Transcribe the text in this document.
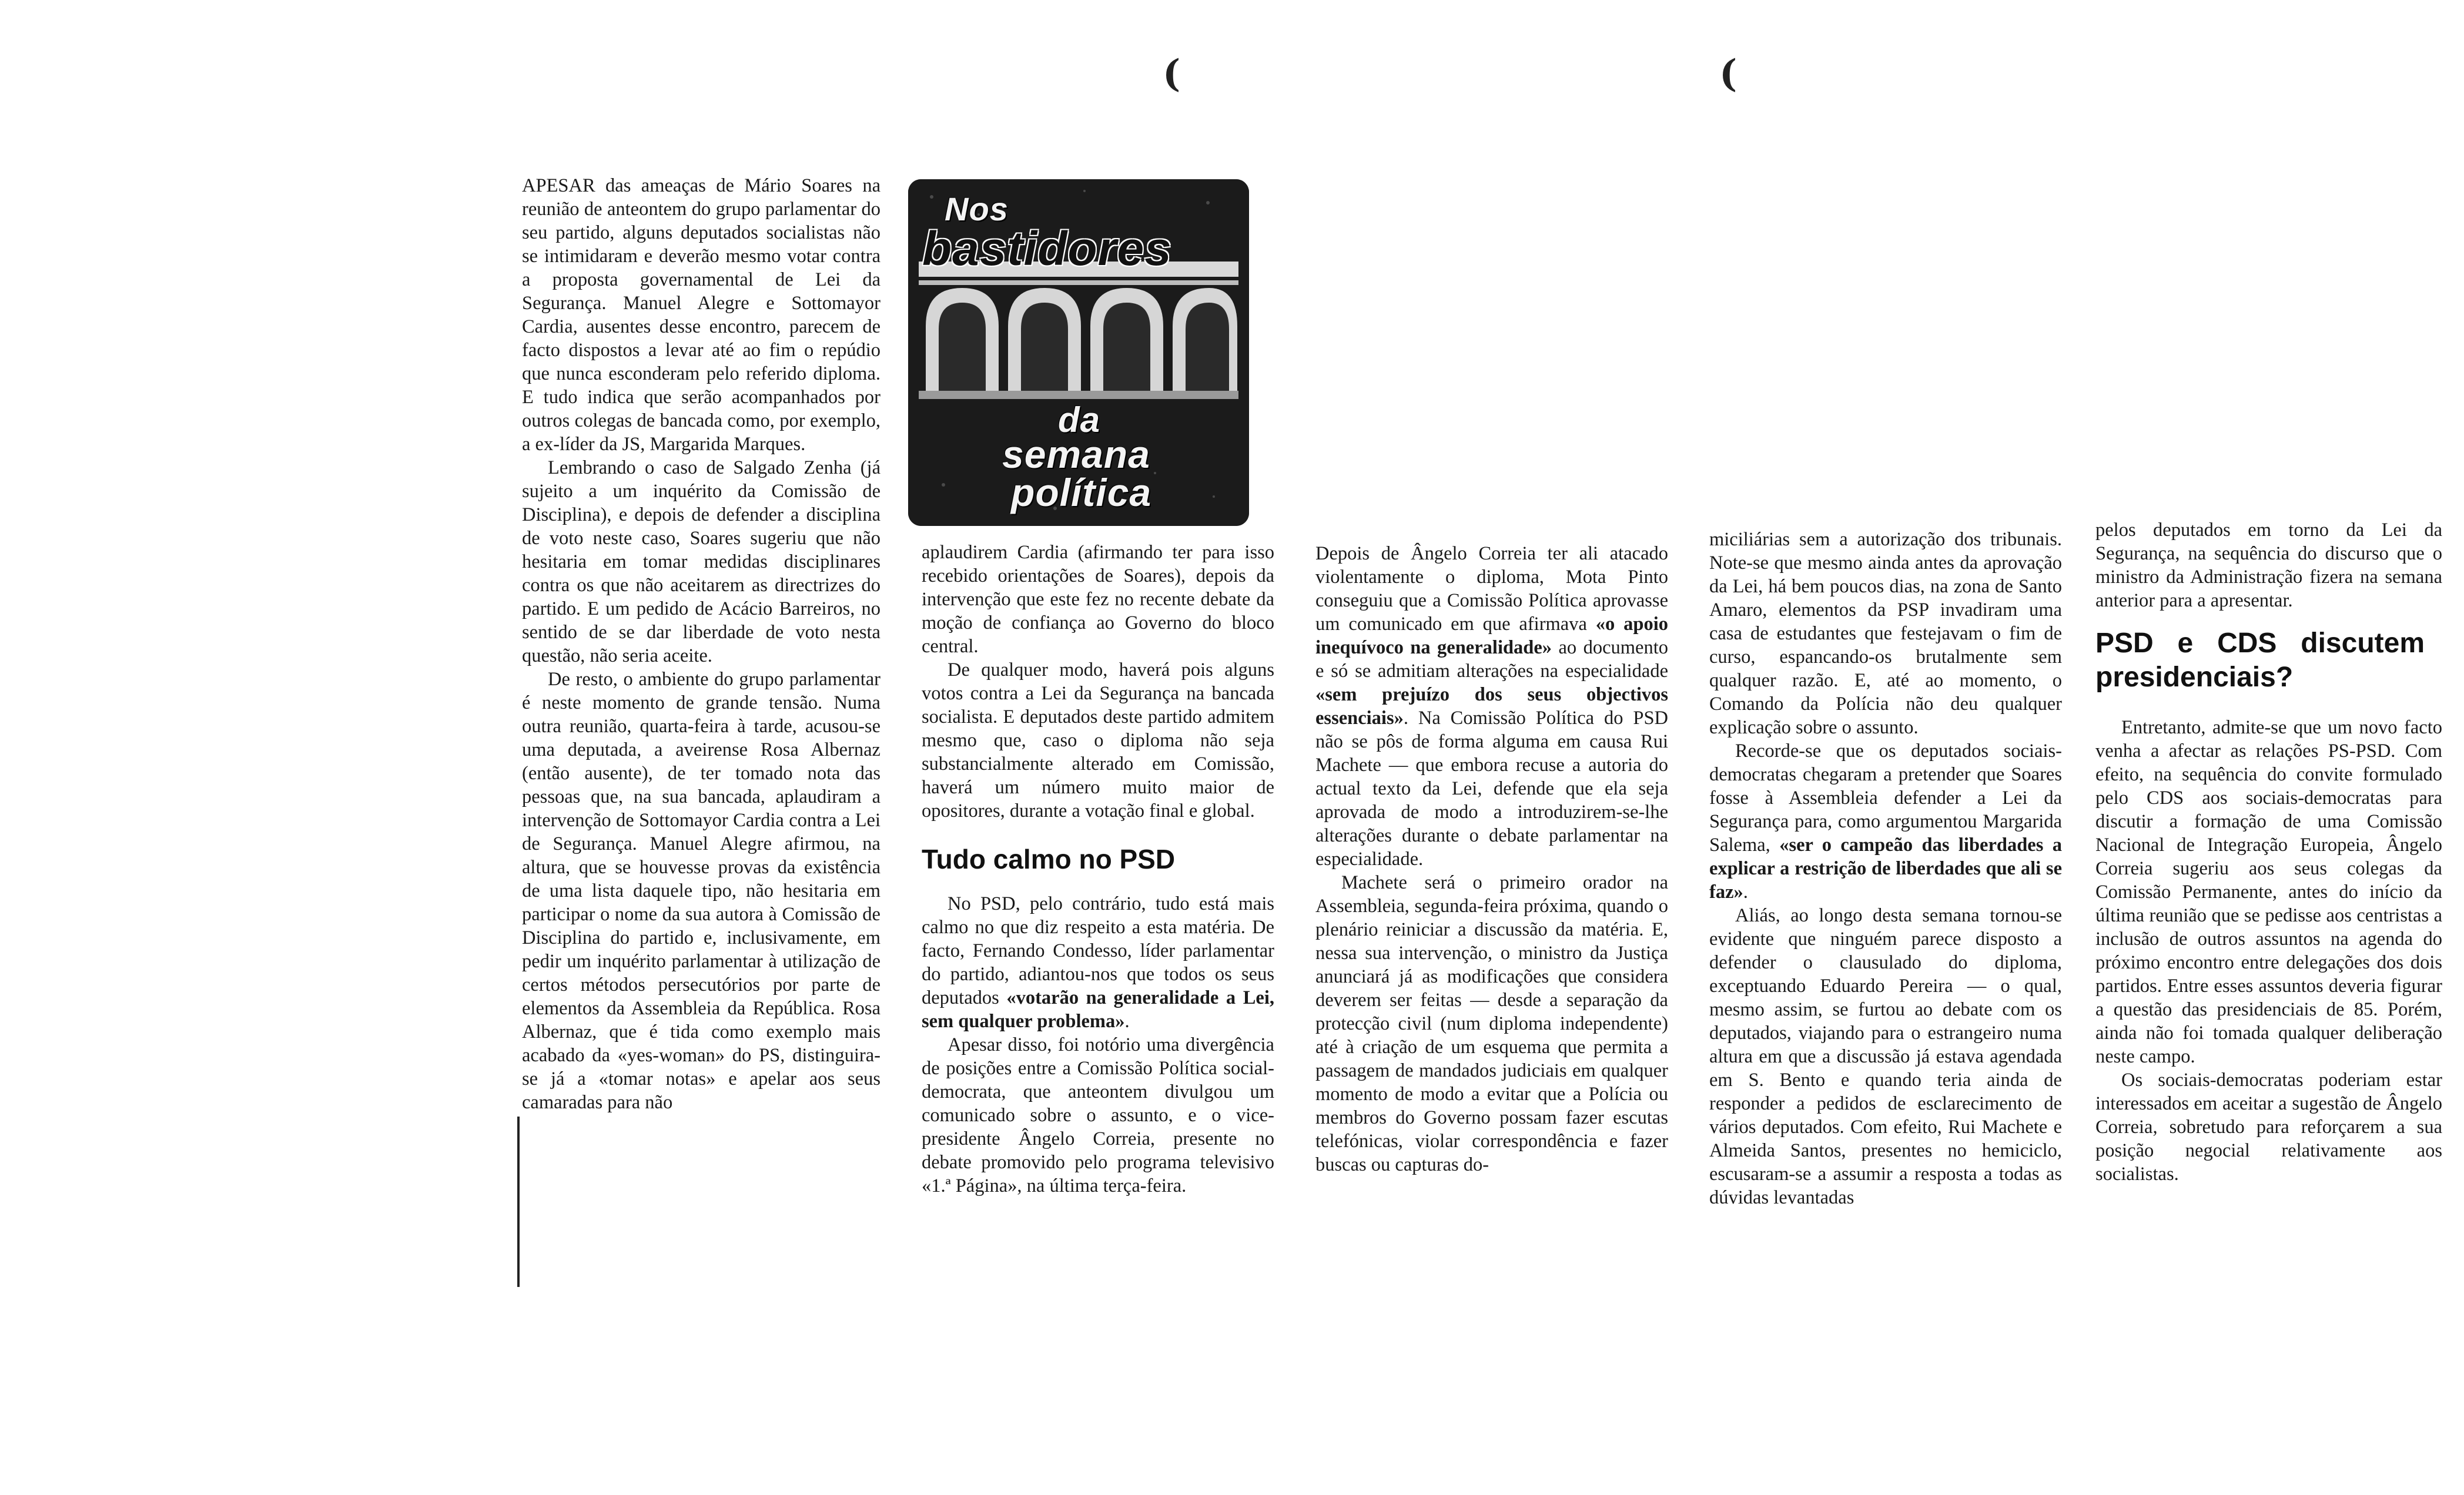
(	(
Nos
bastidores
da
semana
política

APESAR das ameaças de Mário Soares na reunião de anteontem do grupo parlamentar do seu partido, alguns deputados socialistas não se intimidaram e deverão mesmo votar contra a proposta governamental de Lei da Segurança. Manuel Alegre e Sottomayor Cardia, ausentes desse encontro, parecem de facto dispostos a levar até ao fim o repúdio que nunca esconderam pelo referido diploma. E tudo indica que serão acompanhados por outros colegas de bancada como, por exemplo, a ex-líder da JS, Margarida Marques.

Lembrando o caso de Salgado Zenha (já sujeito a um inquérito da Comissão de Disciplina), e depois de defender a disciplina de voto neste caso, Soares sugeriu que não hesitaria em tomar medidas disciplinares contra os que não aceitarem as directrizes do partido. E um pedido de Acácio Barreiros, no sentido de se dar liberdade de voto nesta questão, não seria aceite.

De resto, o ambiente do grupo parlamentar é neste momento de grande tensão. Numa outra reunião, quarta-feira à tarde, acusou-se uma deputada, a aveirense Rosa Albernaz (então ausente), de ter tomado nota das pessoas que, na sua bancada, aplaudiram a intervenção de Sottomayor Cardia contra a Lei de Segurança. Manuel Alegre afirmou, na altura, que se houvesse provas da existência de uma lista daquele tipo, não hesitaria em participar o nome da sua autora à Comissão de Disciplina do partido e, inclusivamente, em pedir um inquérito parlamentar à utilização de certos métodos persecutórios por parte de elementos da Assembleia da República. Rosa Albernaz, que é tida como exemplo mais acabado da «yes-woman» do PS, distinguira-se já a «tomar notas» e apelar aos seus camaradas para não

aplaudirem Cardia (afirmando ter para isso recebido orientações de Soares), depois da intervenção que este fez no recente debate da moção de confiança ao Governo do bloco central.

De qualquer modo, haverá pois alguns votos contra a Lei da Segurança na bancada socialista. E deputados deste partido admitem mesmo que, caso o diploma não seja substancialmente alterado em Comissão, haverá um número muito maior de opositores, durante a votação final e global.

Tudo calmo no PSD

No PSD, pelo contrário, tudo está mais calmo no que diz respeito a esta matéria. De facto, Fernando Condesso, líder parlamentar do partido, adiantou-nos que todos os seus deputados «votarão na generalidade a Lei, sem qualquer problema».

Apesar disso, foi notório uma divergência de posições entre a Comissão Política social-democrata, que anteontem divulgou um comunicado sobre o assunto, e o vice-presidente Ângelo Correia, presente no debate promovido pelo programa televisivo «1.ª Página», na última terça-feira.

Depois de Ângelo Correia ter ali atacado violentamente o diploma, Mota Pinto conseguiu que a Comissão Política aprovasse um comunicado em que afirmava «o apoio inequívoco na generalidade» ao documento e só se admitiam alterações na especialidade «sem prejuízo dos seus objectivos essenciais». Na Comissão Política do PSD não se pôs de forma alguma em causa Rui Machete — que embora recuse a autoria do actual texto da Lei, defende que ela seja aprovada de modo a introduzirem-se-lhe alterações durante o debate parlamentar na especialidade.

Machete será o primeiro orador na Assembleia, segunda-feira próxima, quando o plenário reiniciar a discussão da matéria. E, nessa sua intervenção, o ministro da Justiça anunciará já as modificações que considera deverem ser feitas — desde a separação da protecção civil (num diploma independente) até à criação de um esquema que permita a passagem de mandados judiciais em qualquer momento de modo a evitar que a Polícia ou membros do Governo possam fazer escutas telefónicas, violar correspondência e fazer buscas ou capturas do-

miciliárias sem a autorização dos tribunais. Note-se que mesmo ainda antes da aprovação da Lei, há bem poucos dias, na zona de Santo Amaro, elementos da PSP invadiram uma casa de estudantes que festejavam o fim de curso, espancando-os brutalmente sem qualquer razão. E, até ao momento, o Comando da Polícia não deu qualquer explicação sobre o assunto.

Recorde-se que os deputados sociais-democratas chegaram a pretender que Soares fosse à Assembleia defender a Lei da Segurança para, como argumentou Margarida Salema, «ser o campeão das liberdades a explicar a restrição de liberdades que ali se faz».

Aliás, ao longo desta semana tornou-se evidente que ninguém parece disposto a defender o clausulado do diploma, exceptuando Eduardo Pereira — o qual, mesmo assim, se furtou ao debate com os deputados, viajando para o estrangeiro numa altura em que a discussão já estava agendada em S. Bento e quando teria ainda de responder a pedidos de esclarecimento de vários deputados. Com efeito, Rui Machete e Almeida Santos, presentes no hemiciclo, escusaram-se a assumir a resposta a todas as dúvidas levantadas

pelos deputados em torno da Lei da Segurança, na sequência do discurso que o ministro da Administração fizera na semana anterior para a apresentar.

PSD e CDS discutem presidenciais?

Entretanto, admite-se que um novo facto venha a afectar as relações PS-PSD. Com efeito, na sequência do convite formulado pelo CDS aos sociais-democratas para discutir a formação de uma Comissão Nacional de Integração Europeia, Ângelo Correia sugeriu aos seus colegas da Comissão Permanente, antes do início da última reunião que se pedisse aos centristas a inclusão de outros assuntos na agenda do próximo encontro entre delegações dos dois partidos. Entre esses assuntos deveria figurar a questão das presidenciais de 85. Porém, ainda não foi tomada qualquer deliberação neste campo.

Os sociais-democratas poderiam estar interessados em aceitar a sugestão de Ângelo Correia, sobretudo para reforçarem a sua posição negocial relativamente aos socialistas.
